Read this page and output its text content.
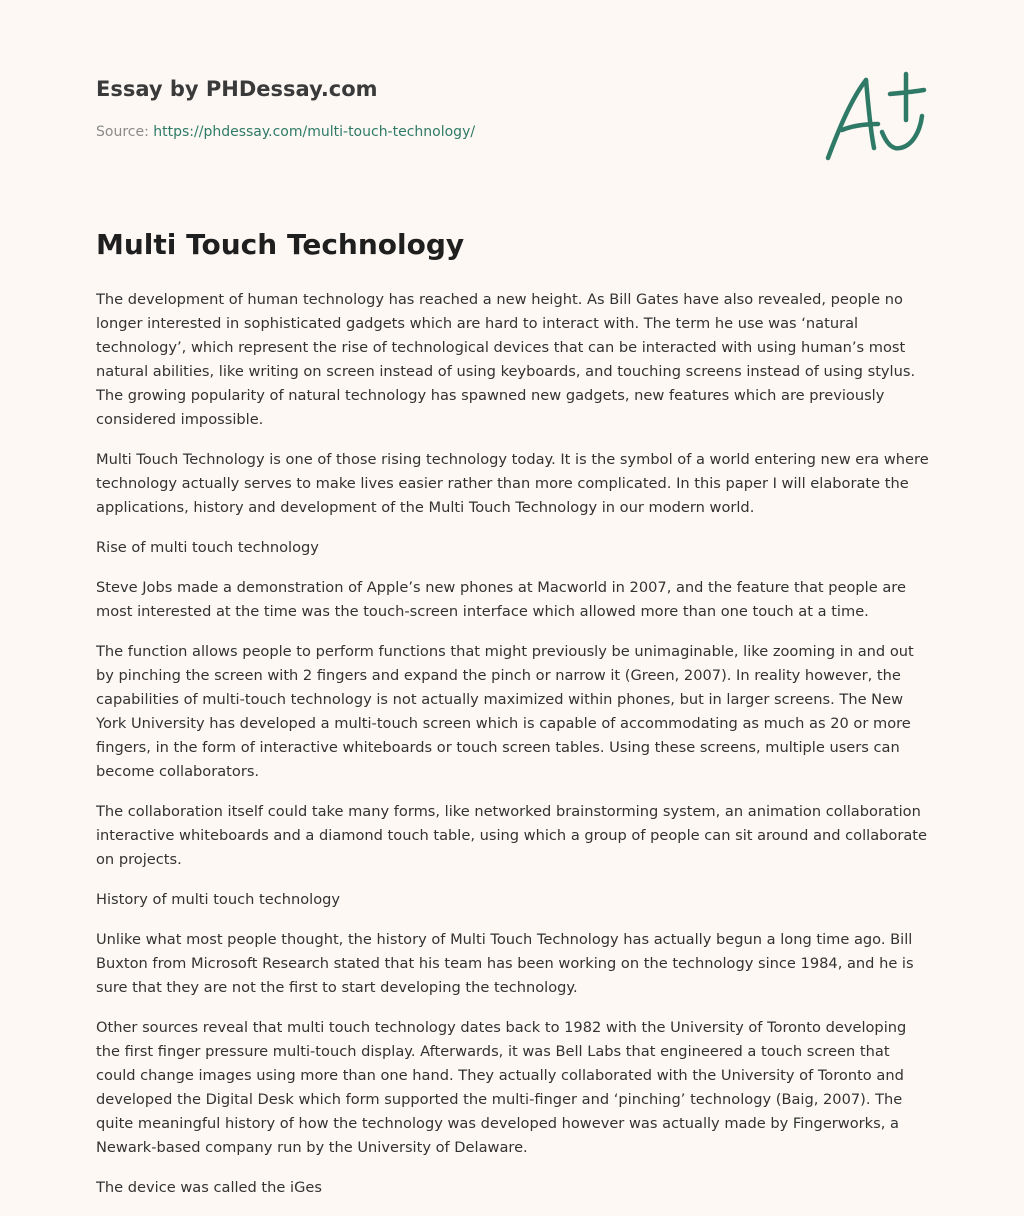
Essay by PHDessay.com
Source: https://phdessay.com/multi-touch-technology/
Multi Touch Technology

The development of human technology has reached a new height. As Bill Gates have also revealed, people no longer interested in sophisticated gadgets which are hard to interact with. The term he use was ‘natural technology’, which represent the rise of technological devices that can be interacted with using human’s most natural abilities, like writing on screen instead of using keyboards, and touching screens instead of using stylus. The growing popularity of natural technology has spawned new gadgets, new features which are previously considered impossible.

Multi Touch Technology is one of those rising technology today. It is the symbol of a world entering new era where technology actually serves to make lives easier rather than more complicated. In this paper I will elaborate the applications, history and development of the Multi Touch Technology in our modern world.

Rise of multi touch technology

Steve Jobs made a demonstration of Apple’s new phones at Macworld in 2007, and the feature that people are most interested at the time was the touch-screen interface which allowed more than one touch at a time.

The function allows people to perform functions that might previously be unimaginable, like zooming in and out by pinching the screen with 2 fingers and expand the pinch or narrow it (Green, 2007). In reality however, the capabilities of multi-touch technology is not actually maximized within phones, but in larger screens. The New York University has developed a multi-touch screen which is capable of accommodating as much as 20 or more fingers, in the form of interactive whiteboards or touch screen tables. Using these screens, multiple users can become collaborators.

The collaboration itself could take many forms, like networked brainstorming system, an animation collaboration interactive whiteboards and a diamond touch table, using which a group of people can sit around and collaborate on projects.

History of multi touch technology

Unlike what most people thought, the history of Multi Touch Technology has actually begun a long time ago. Bill Buxton from Microsoft Research stated that his team has been working on the technology since 1984, and he is sure that they are not the first to start developing the technology.

Other sources reveal that multi touch technology dates back to 1982 with the University of Toronto developing the first finger pressure multi-touch display. Afterwards, it was Bell Labs that engineered a touch screen that could change images using more than one hand. They actually collaborated with the University of Toronto and developed the Digital Desk which form supported the multi-finger and ‘pinching’ technology (Baig, 2007). The quite meaningful history of how the technology was developed however was actually made by Fingerworks, a Newark-based company run by the University of Delaware.

The device was called the iGes
